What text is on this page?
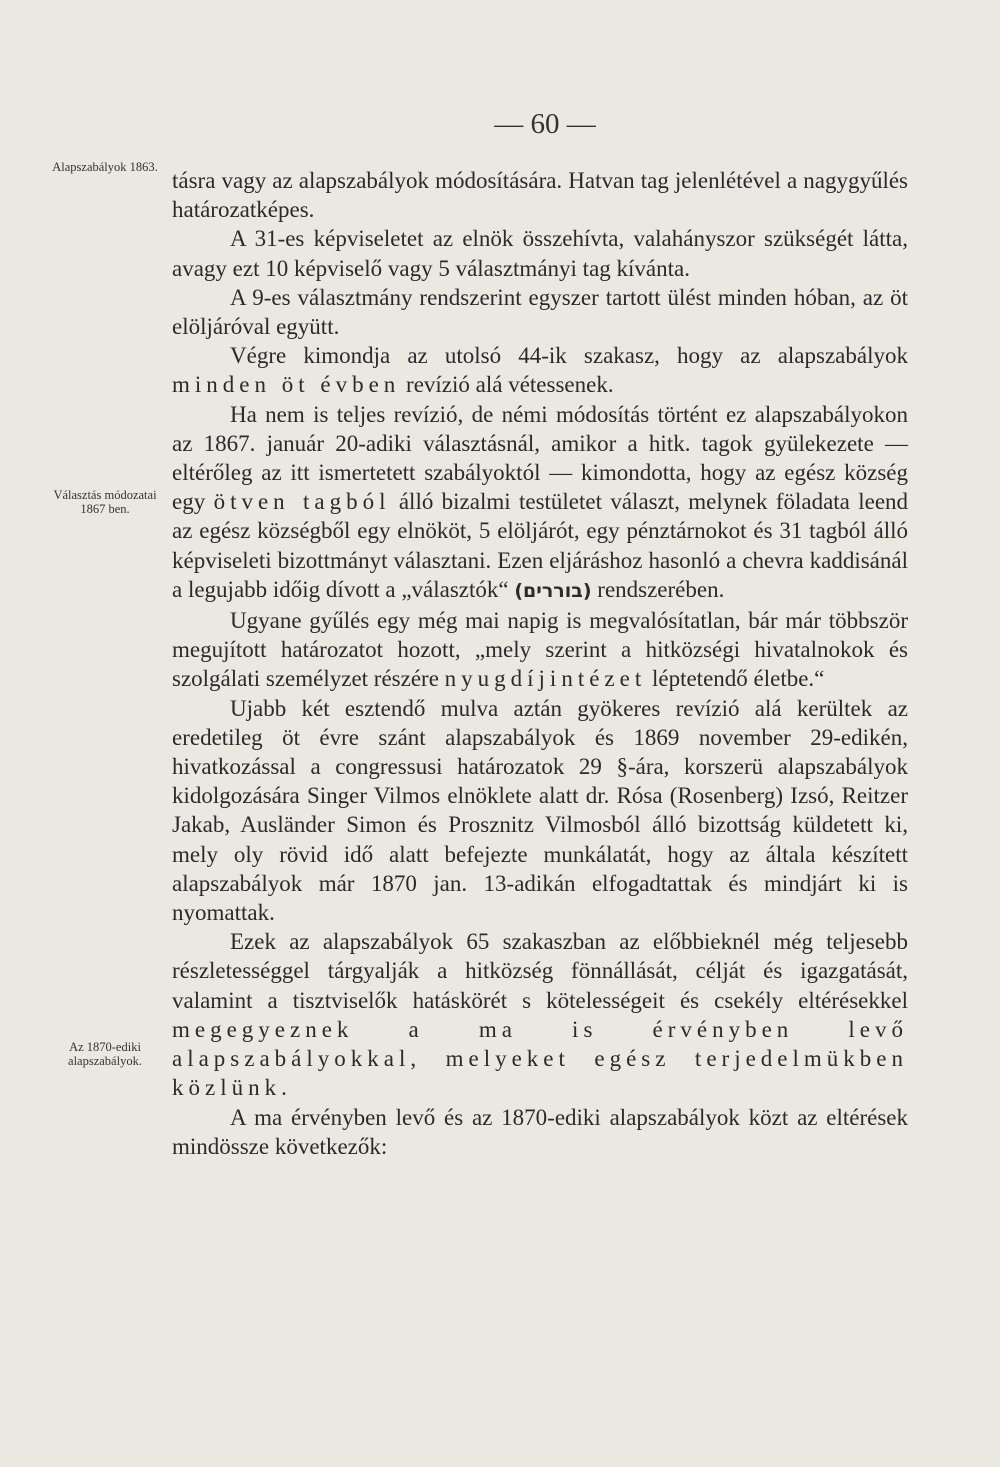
— 60 —
Alapszabályok 1863.
Választás módozatai 1867 ben.
Az 1870-ediki alapszabályok.

tásra vagy az alapszabályok módosítására. Hatvan tag jelenlétével a nagygyűlés határozatképes.

A 31-es képviseletet az elnök összehívta, valahányszor szükségét látta, avagy ezt 10 képviselő vagy 5 választmányi tag kívánta.

A 9-es választmány rendszerint egyszer tartott ülést minden hóban, az öt elöljáróval együtt.

Végre kimondja az utolsó 44-ik szakasz, hogy az alapszabályok minden öt évben revízió alá vétessenek.

Ha nem is teljes revízió, de némi módosítás történt ez alapszabályokon az 1867. január 20-adiki választásnál, amikor a hitk. tagok gyülekezete — eltérőleg az itt ismertetett szabályoktól — kimondotta, hogy az egész község egy ötven tagból álló bizalmi testületet választ, melynek föladata leend az egész községből egy elnököt, 5 elöljárót, egy pénztárnokot és 31 tagból álló képviseleti bizottmányt választani. Ezen eljáráshoz hasonló a chevra kaddisánál a legujabb időig dívott a „választók“ (בוררים) rendszerében.

Ugyane gyűlés egy még mai napig is megvalósítatlan, bár már többször megujított határozatot hozott, „mely szerint a hitközségi hivatalnokok és szolgálati személyzet részére nyugdíjintézet léptetendő életbe.“

Ujabb két esztendő mulva aztán gyökeres revízió alá kerültek az eredetileg öt évre szánt alapszabályok és 1869 november 29-edikén, hivatkozással a congressusi határozatok 29 §-ára, korszerü alapszabályok kidolgozására Singer Vilmos elnöklete alatt dr. Rósa (Rosenberg) Izsó, Reitzer Jakab, Ausländer Simon és Prosznitz Vilmosból álló bizottság küldetett ki, mely oly rövid idő alatt befejezte munkálatát, hogy az általa készített alapszabályok már 1870 jan. 13-adikán elfogadtattak és mindjárt ki is nyomattak.

Ezek az alapszabályok 65 szakaszban az előbbieknél még teljesebb részletességgel tárgyalják a hitközség fönnállását, célját és igazgatását, valamint a tisztviselők hatáskörét s kötelességeit és csekély eltérésekkel megegyeznek a ma is érvényben levő alapszabályokkal, melyeket egész terjedelmükben közlünk.

A ma érvényben levő és az 1870-ediki alapszabályok közt az eltérések mindössze következők:
